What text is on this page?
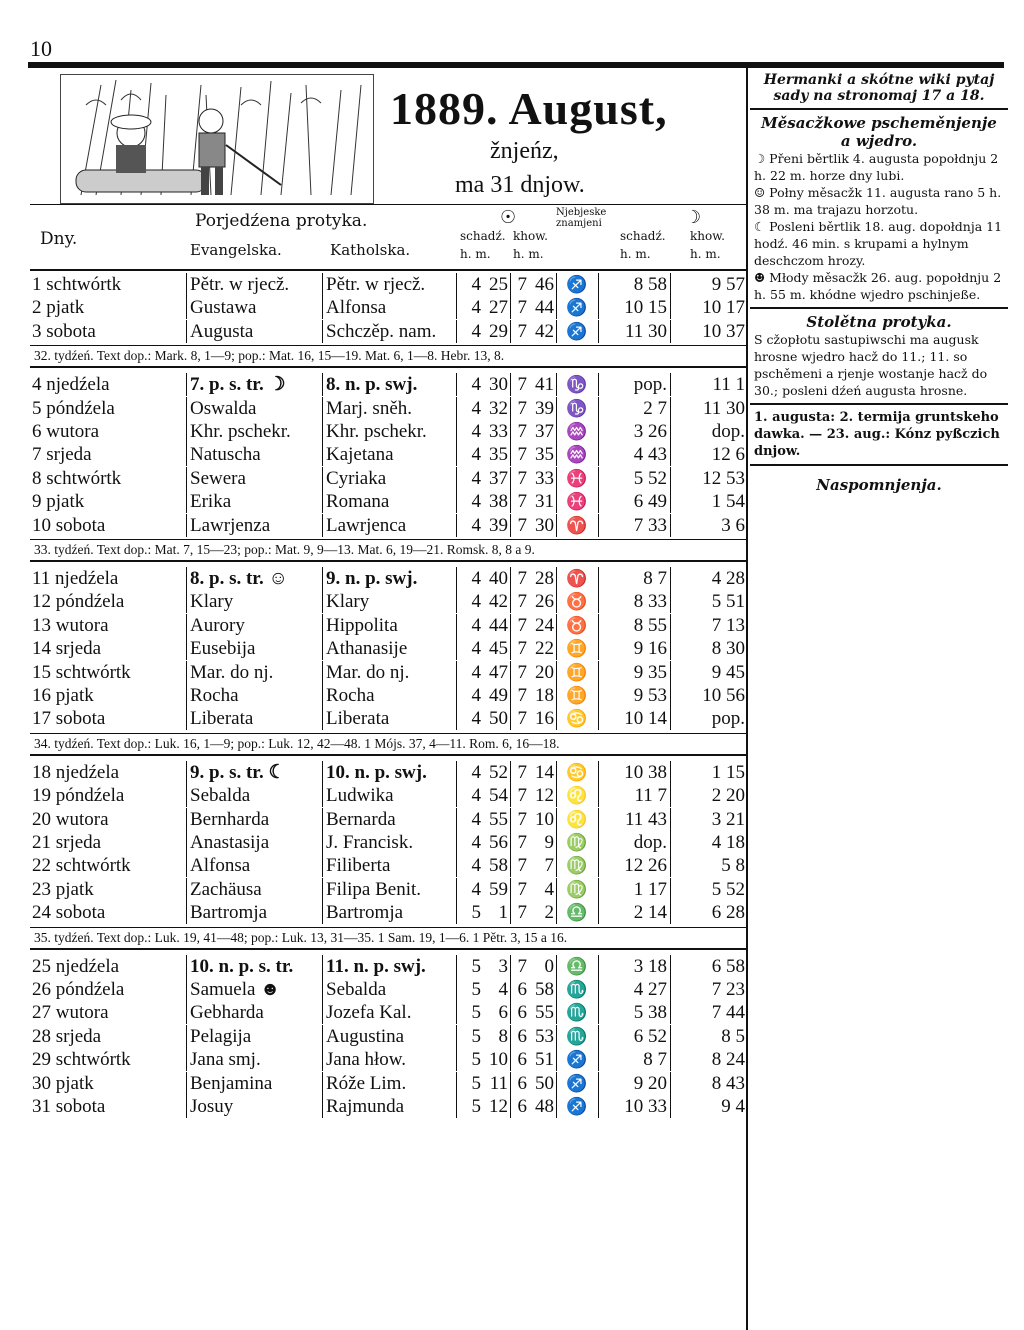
10
1889. August,
žnjeńz,
ma 31 dnjow.
Dny.
Porjedźena protyka.
Evangelska.	Katholska.
☉
schadź. khow.
h. m. h. m.
Njebjeske znamjeni	☽
schadź. khow.
h. m.	h. m.
1 schtwórtk	Pětr. w rjecž.	Pětr. w rjecž.	4 25 7 46 ♐	8 58	9 57
2 pjatk	Gustawa	Alfonsa	4 27 7 44 ♐	10 15	10 17
3 sobota	Augusta	Schczěp. nam.	4 29 7 42 ♐	11 30	10 37
32. tydźeń. Text dop.: Mark. 8, 1—9; pop.: Mat. 16, 15—19. Mat. 6, 1—8. Hebr. 13, 8.
4 njedźela	7. p. s. tr. ☽	8. n. p. swj.	4 30 7 41 ♑	pop.	11 1
5 póndźela	Oswalda	Marj. sněh.	4 32 7 39 ♑	2 7	11 30
6 wutora	Khr. pschekr.	Khr. pschekr.	4 33 7 37 ♒	3 26	dop.
7 srjeda	Natuscha	Kajetana	4 35 7 35 ♒	4 43	12 6
8 schtwórtk	Sewera	Cyriaka	4 37 7 33 ♓	5 52	12 53
9 pjatk	Erika	Romana	4 38 7 31 ♓	6 49	1 54
10 sobota	Lawrjenza	Lawrjenca	4 39 7 30 ♈	7 33	3 6
33. tydźeń. Text dop.: Mat. 7, 15—23; pop.: Mat. 9, 9—13. Mat. 6, 19—21. Romsk. 8, 8 a 9.
11 njedźela	8. p. s. tr. ☺	9. n. p. swj.	4 40 7 28 ♈	8 7	4 28
12 póndźela	Klary	Klary	4 42 7 26 ♉	8 33	5 51
13 wutora	Aurory	Hippolita	4 44 7 24 ♉	8 55	7 13
14 srjeda	Eusebija	Athanasije	4 45 7 22 ♊	9 16	8 30
15 schtwórtk	Mar. do nj.	Mar. do nj.	4 47 7 20 ♊	9 35	9 45
16 pjatk	Rocha	Rocha	4 49 7 18 ♊	9 53	10 56
17 sobota	Liberata	Liberata	4 50 7 16 ♋	10 14	pop.
34. tydźeń. Text dop.: Luk. 16, 1—9; pop.: Luk. 12, 42—48. 1 Mójs. 37, 4—11. Rom. 6, 16—18.
18 njedźela	9. p. s. tr. ☾	10. n. p. swj.	4 52 7 14 ♋	10 38	1 15
19 póndźela	Sebalda	Ludwika	4 54 7 12 ♌	11 7	2 20
20 wutora	Bernharda	Bernarda	4 55 7 10 ♌	11 43	3 21
21 srjeda	Anastasija	J. Francisk.	4 56 7 9 ♍	dop.	4 18
22 schtwórtk	Alfonsa	Filiberta	4 58 7 7 ♍	12 26	5 8
23 pjatk	Zachäusa	Filipa Benit.	4 59 7 4 ♍	1 17	5 52
24 sobota	Bartromja	Bartromja	5 1 7 2 ♎	2 14	6 28
35. tydźeń. Text dop.: Luk. 19, 41—48; pop.: Luk. 13, 31—35. 1 Sam. 19, 1—6. 1 Pětr. 3, 15 a 16.
25 njedźela	10. n. p. s. tr.	11. n. p. swj.	5 3 7 0 ♎	3 18	6 58
26 póndźela	Samuela ☻	Sebalda	5 4 6 58 ♏	4 27	7 23
27 wutora	Gebharda	Jozefa Kal.	5 6 6 55 ♏	5 38	7 44
28 srjeda	Pelagija	Augustina	5 8 6 53 ♏	6 52	8 5
29 schtwórtk	Jana smj.	Jana hłow.	5 10 6 51 ♐	8 7	8 24
30 pjatk	Benjamina	Róže Lim.	5 11 6 50 ♐	9 20	8 43
31 sobota	Josuy	Rajmunda	5 12 6 48 ♐	10 33	9 4
Hermanki a skótne wiki pytaj sady na stronomaj 17 a 18.
Měsacžkowe pscheměnjenje a wjedro.

☽ Přeni běrtlik 4. augusta popołdnju 2 h. 22 m. horze dny lubi.

☺ Połny měsacžk 11. augusta rano 5 h. 38 m. ma trajazu horzotu.

☾ Posleni běrtlik 18. aug. dopołdnja 11 hodź. 46 min. s krupami a hylnym deschczom hrozy.

☻ Młody měsacžk 26. aug. popołdnju 2 h. 55 m. khódne wjedro pschinjeße.

Stolětna protyka.

S cžopłotu sastupiwschi ma augusk hrosne wjedro hacž do 11.; 11. so pschěmeni a rjenje wostanje hacž do 30.; posleni dźeń augusta hrosne.

1. augusta: 2. termija gruntskeho dawka. — 23. aug.: Kónz pyßczich dnjow.

Naspomnjenja.
